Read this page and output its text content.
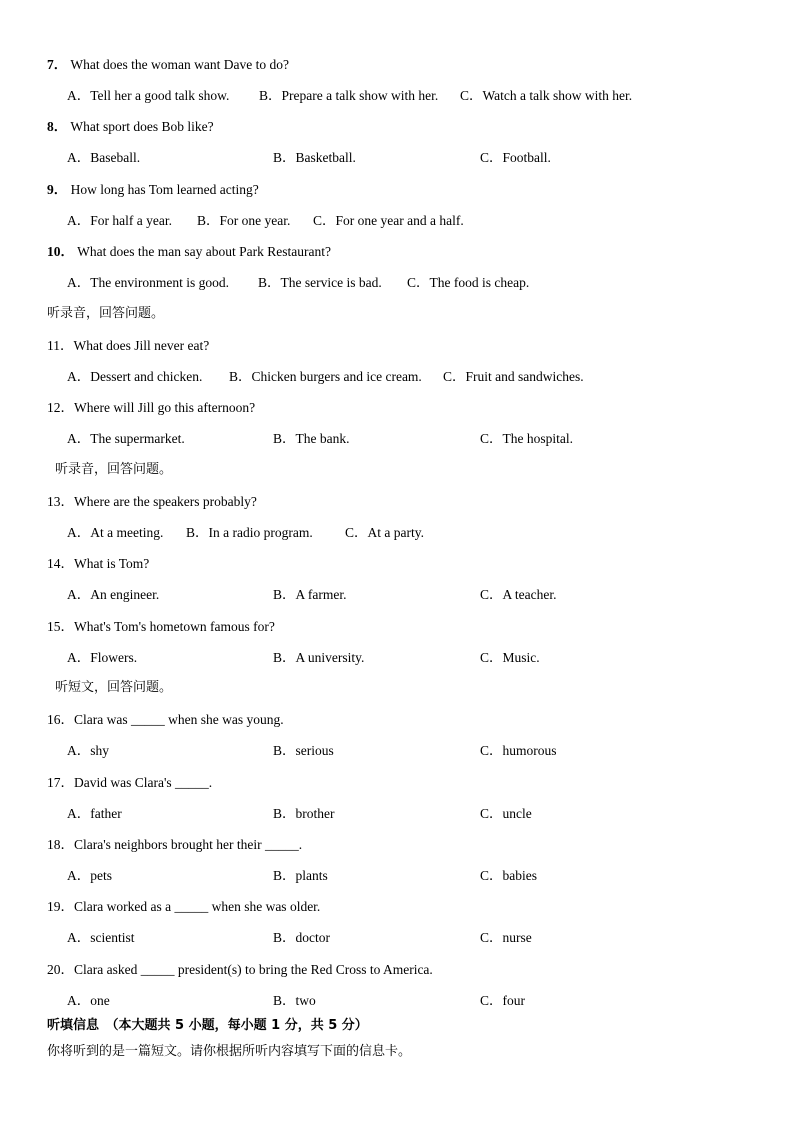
7． What does the woman want Dave to do?
A．Tell her a good talk show. B．Prepare a talk show with her. C．Watch a talk show with her.
8． What sport does Bob like?
A．Baseball.	B．Basketball.	C．Football.
9． How long has Tom learned acting?
A．For half a year. B．For one year. C．For one year and a half.
10． What does the man say about Park Restaurant?
A．The environment is good. B．The service is bad. C．The food is cheap.
听录音，回答问题。
11．What does Jill never eat?
A．Dessert and chicken. B．Chicken burgers and ice cream. C．Fruit and sandwiches.
12．Where will Jill go this afternoon?
A．The supermarket.	B．The bank.	C．The hospital.
听录音，回答问题。
13．Where are the speakers probably?
A．At a meeting. B．In a radio program. C．At a party.
14．What is Tom?
A．An engineer.	B．A farmer.	C．A teacher.
15．What's Tom's hometown famous for?
A．Flowers.	B．A university.	C．Music.
听短文，回答问题。
16．Clara was _____ when she was young.
A．shy	B．serious	C．humorous
17．David was Clara's _____.
A．father	B．brother	C．uncle
18．Clara's neighbors brought her their _____.
A．pets	B．plants	C．babies
19．Clara worked as a _____ when she was older.
A．scientist	B．doctor	C．nurse
20．Clara asked _____ president(s) to bring the Red Cross to America.
A．one	B．two	C．four
听填信息　（本大题共 5 小题，每小题 1 分，共 5 分）
你将听到的是一篇短文。请你根据所听内容填写下面的信息卡。
